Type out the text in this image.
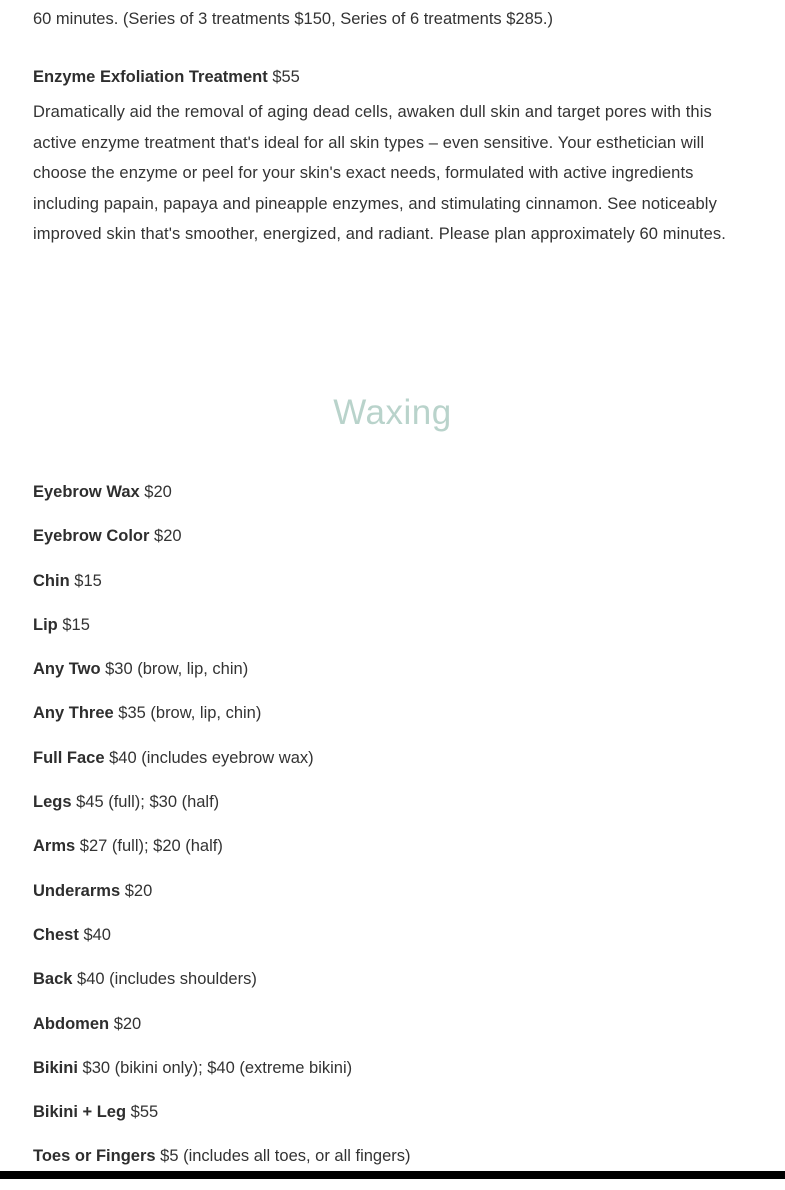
60 minutes. (Series of 3 treatments $150, Series of 6 treatments $285.)
Enzyme Exfoliation Treatment $55
Dramatically aid the removal of aging dead cells, awaken dull skin and target pores with this active enzyme treatment that's ideal for all skin types – even sensitive. Your esthetician will choose the enzyme or peel for your skin's exact needs, formulated with active ingredients including papain, papaya and pineapple enzymes, and stimulating cinnamon. See noticeably improved skin that's smoother, energized, and radiant. Please plan approximately 60 minutes.
Waxing
Eyebrow Wax $20
Eyebrow Color $20
Chin $15
Lip $15
Any Two $30 (brow, lip, chin)
Any Three $35 (brow, lip, chin)
Full Face $40 (includes eyebrow wax)
Legs $45 (full); $30 (half)
Arms $27 (full); $20 (half)
Underarms $20
Chest $40
Back $40 (includes shoulders)
Abdomen $20
Bikini $30 (bikini only); $40 (extreme bikini)
Bikini + Leg $55
Toes or Fingers $5 (includes all toes, or all fingers)
